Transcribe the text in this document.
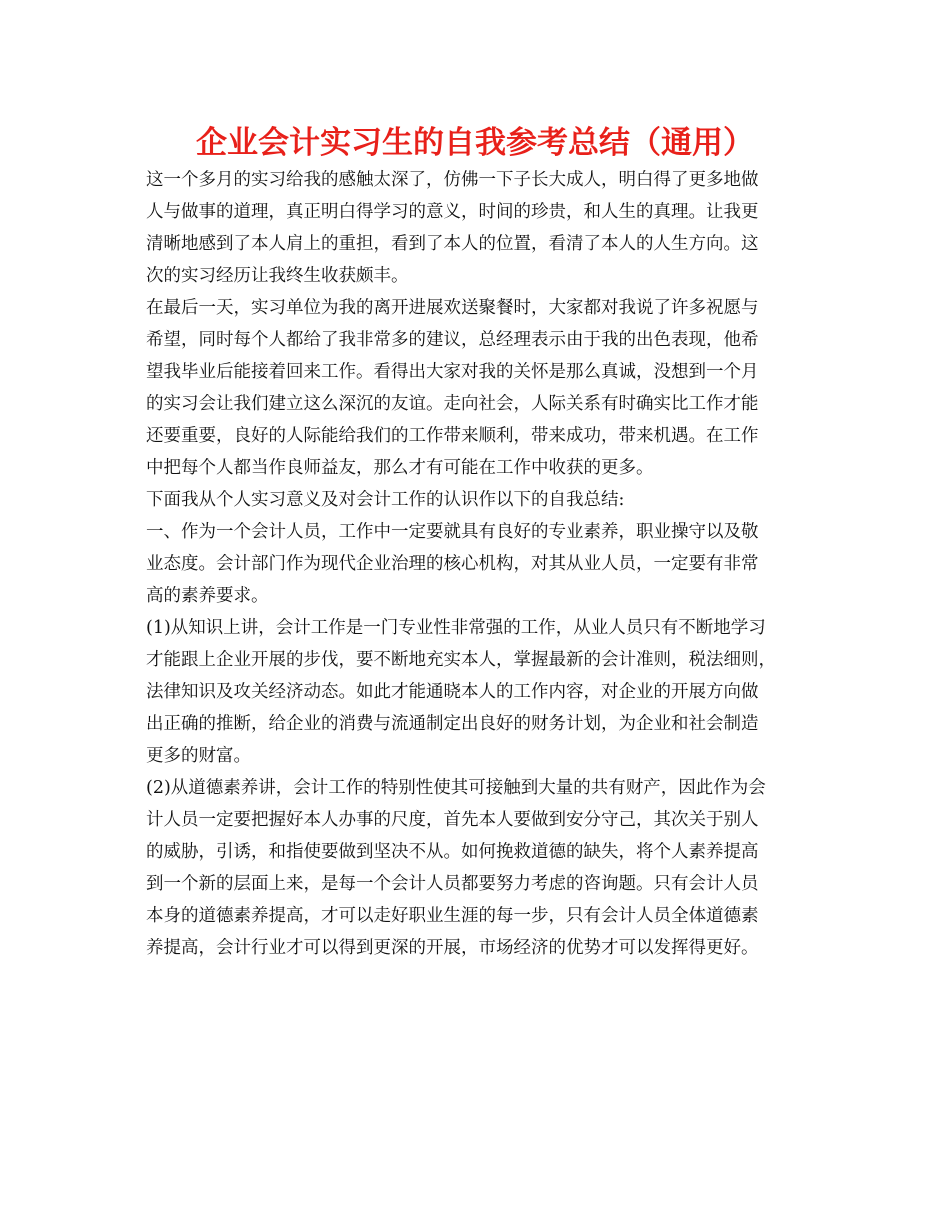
企业会计实习生的自我参考总结（通用）
这一个多月的实习给我的感触太深了，仿佛一下子长大成人，明白得了更多地做
人与做事的道理，真正明白得学习的意义，时间的珍贵，和人生的真理。让我更
清晰地感到了本人肩上的重担，看到了本人的位置，看清了本人的人生方向。这
次的实习经历让我终生收获颇丰。
在最后一天，实习单位为我的离开进展欢送聚餐时，大家都对我说了许多祝愿与
希望，同时每个人都给了我非常多的建议，总经理表示由于我的出色表现，他希
望我毕业后能接着回来工作。看得出大家对我的关怀是那么真诚，没想到一个月
的实习会让我们建立这么深沉的友谊。走向社会，人际关系有时确实比工作才能
还要重要，良好的人际能给我们的工作带来顺利，带来成功，带来机遇。在工作
中把每个人都当作良师益友，那么才有可能在工作中收获的更多。
下面我从个人实习意义及对会计工作的认识作以下的自我总结:
一、作为一个会计人员，工作中一定要就具有良好的专业素养，职业操守以及敬
业态度。会计部门作为现代企业治理的核心机构，对其从业人员，一定要有非常
高的素养要求。
(1)从知识上讲，会计工作是一门专业性非常强的工作，从业人员只有不断地学习
才能跟上企业开展的步伐，要不断地充实本人，掌握最新的会计准则，税法细则，
法律知识及攻关经济动态。如此才能通晓本人的工作内容，对企业的开展方向做
出正确的推断，给企业的消费与流通制定出良好的财务计划，为企业和社会制造
更多的财富。
(2)从道德素养讲，会计工作的特别性使其可接触到大量的共有财产，因此作为会
计人员一定要把握好本人办事的尺度，首先本人要做到安分守己，其次关于别人
的威胁，引诱，和指使要做到坚决不从。如何挽救道德的缺失，将个人素养提高
到一个新的层面上来，是每一个会计人员都要努力考虑的咨询题。只有会计人员
本身的道德素养提高，才可以走好职业生涯的每一步，只有会计人员全体道德素
养提高，会计行业才可以得到更深的开展，市场经济的优势才可以发挥得更好。
